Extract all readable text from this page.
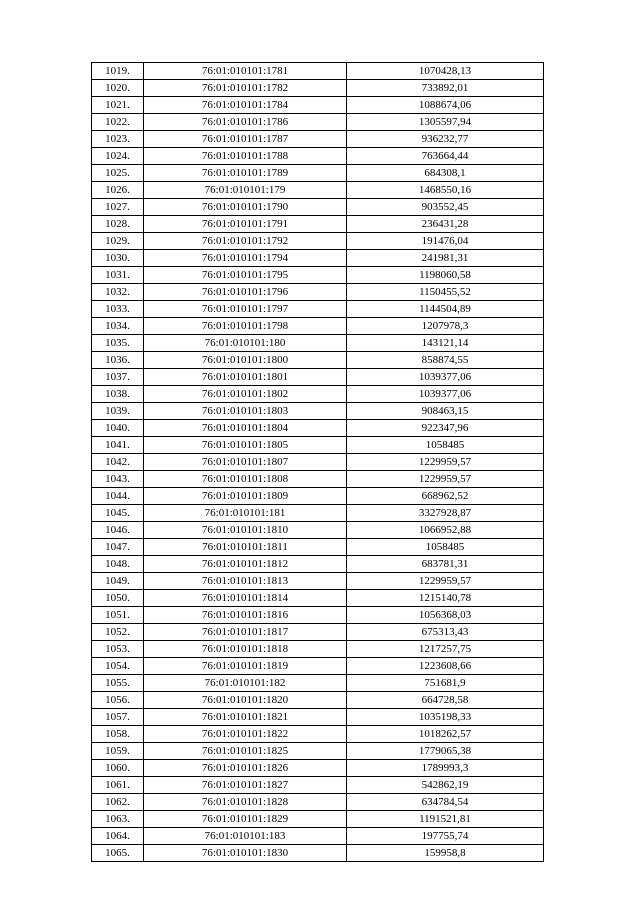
1019.	76:01:010101:1781	1070428,13
1020.	76:01:010101:1782	733892,01
1021.	76:01:010101:1784	1088674,06
1022.	76:01:010101:1786	1305597,94
1023.	76:01:010101:1787	936232,77
1024.	76:01:010101:1788	763664,44
1025.	76:01:010101:1789	684308,1
1026.	76:01:010101:179	1468550,16
1027.	76:01:010101:1790	903552,45
1028.	76:01:010101:1791	236431,28
1029.	76:01:010101:1792	191476,04
1030.	76:01:010101:1794	241981,31
1031.	76:01:010101:1795	1198060,58
1032.	76:01:010101:1796	1150455,52
1033.	76:01:010101:1797	1144504,89
1034.	76:01:010101:1798	1207978,3
1035.	76:01:010101:180	143121,14
1036.	76:01:010101:1800	858874,55
1037.	76:01:010101:1801	1039377,06
1038.	76:01:010101:1802	1039377,06
1039.	76:01:010101:1803	908463,15
1040.	76:01:010101:1804	922347,96
1041.	76:01:010101:1805	1058485
1042.	76:01:010101:1807	1229959,57
1043.	76:01:010101:1808	1229959,57
1044.	76:01:010101:1809	668962,52
1045.	76:01:010101:181	3327928,87
1046.	76:01:010101:1810	1066952,88
1047.	76:01:010101:1811	1058485
1048.	76:01:010101:1812	683781,31
1049.	76:01:010101:1813	1229959,57
1050.	76:01:010101:1814	1215140,78
1051.	76:01:010101:1816	1056368,03
1052.	76:01:010101:1817	675313,43
1053.	76:01:010101:1818	1217257,75
1054.	76:01:010101:1819	1223608,66
1055.	76:01:010101:182	751681,9
1056.	76:01:010101:1820	664728,58
1057.	76:01:010101:1821	1035198,33
1058.	76:01:010101:1822	1018262,57
1059.	76:01:010101:1825	1779065,38
1060.	76:01:010101:1826	1789993,3
1061.	76:01:010101:1827	542862,19
1062.	76:01:010101:1828	634784,54
1063.	76:01:010101:1829	1191521,81
1064.	76:01:010101:183	197755,74
1065.	76:01:010101:1830	159958,8
